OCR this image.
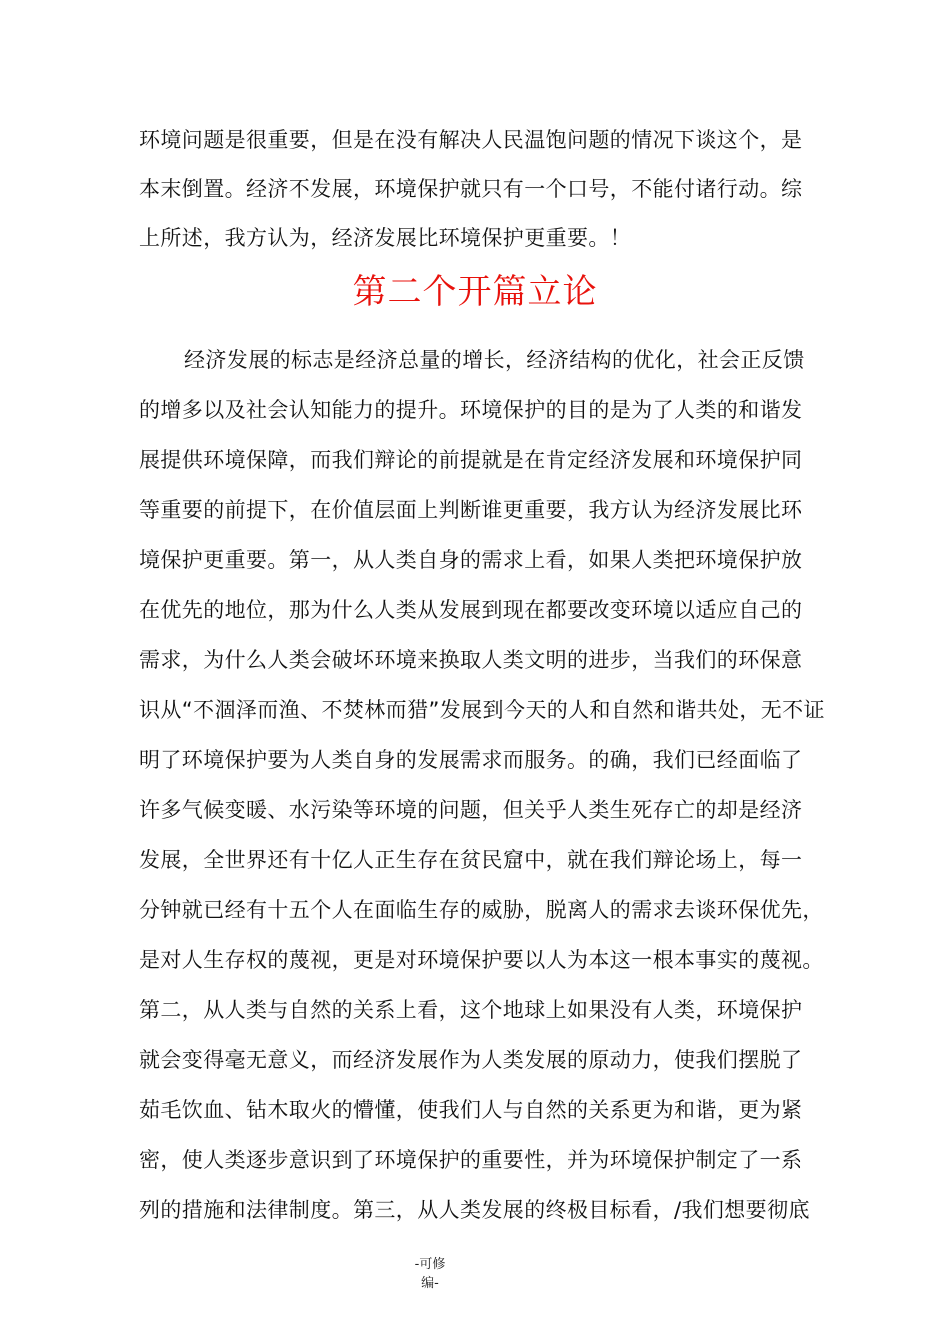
环境问题是很重要，但是在没有解决人民温饱问题的情况下谈这个，是
本末倒置。经济不发展，环境保护就只有一个口号，不能付诸行动。综
上所述，我方认为，经济发展比环境保护更重要。！
第二个开篇立论
经济发展的标志是经济总量的增长，经济结构的优化，社会正反馈
的增多以及社会认知能力的提升。环境保护的目的是为了人类的和谐发
展提供环境保障，而我们辩论的前提就是在肯定经济发展和环境保护同
等重要的前提下，在价值层面上判断谁更重要，我方认为经济发展比环
境保护更重要。第一，从人类自身的需求上看，如果人类把环境保护放
在优先的地位，那为什么人类从发展到现在都要改变环境以适应自己的
需求，为什么人类会破坏环境来换取人类文明的进步，当我们的环保意
识从“不涸泽而渔、不焚林而猎”发展到今天的人和自然和谐共处，无不证
明了环境保护要为人类自身的发展需求而服务。的确，我们已经面临了
许多气候变暖、水污染等环境的问题，但关乎人类生死存亡的却是经济
发展，全世界还有十亿人正生存在贫民窟中，就在我们辩论场上，每一
分钟就已经有十五个人在面临生存的威胁，脱离人的需求去谈环保优先，
是对人生存权的蔑视，更是对环境保护要以人为本这一根本事实的蔑视。
第二，从人类与自然的关系上看，这个地球上如果没有人类，环境保护
就会变得毫无意义，而经济发展作为人类发展的原动力，使我们摆脱了
茹毛饮血、钻木取火的懵懂，使我们人与自然的关系更为和谐，更为紧
密，使人类逐步意识到了环境保护的重要性，并为环境保护制定了一系
列的措施和法律制度。第三，从人类发展的终极目标看，/我们想要彻底
-可修
编-
